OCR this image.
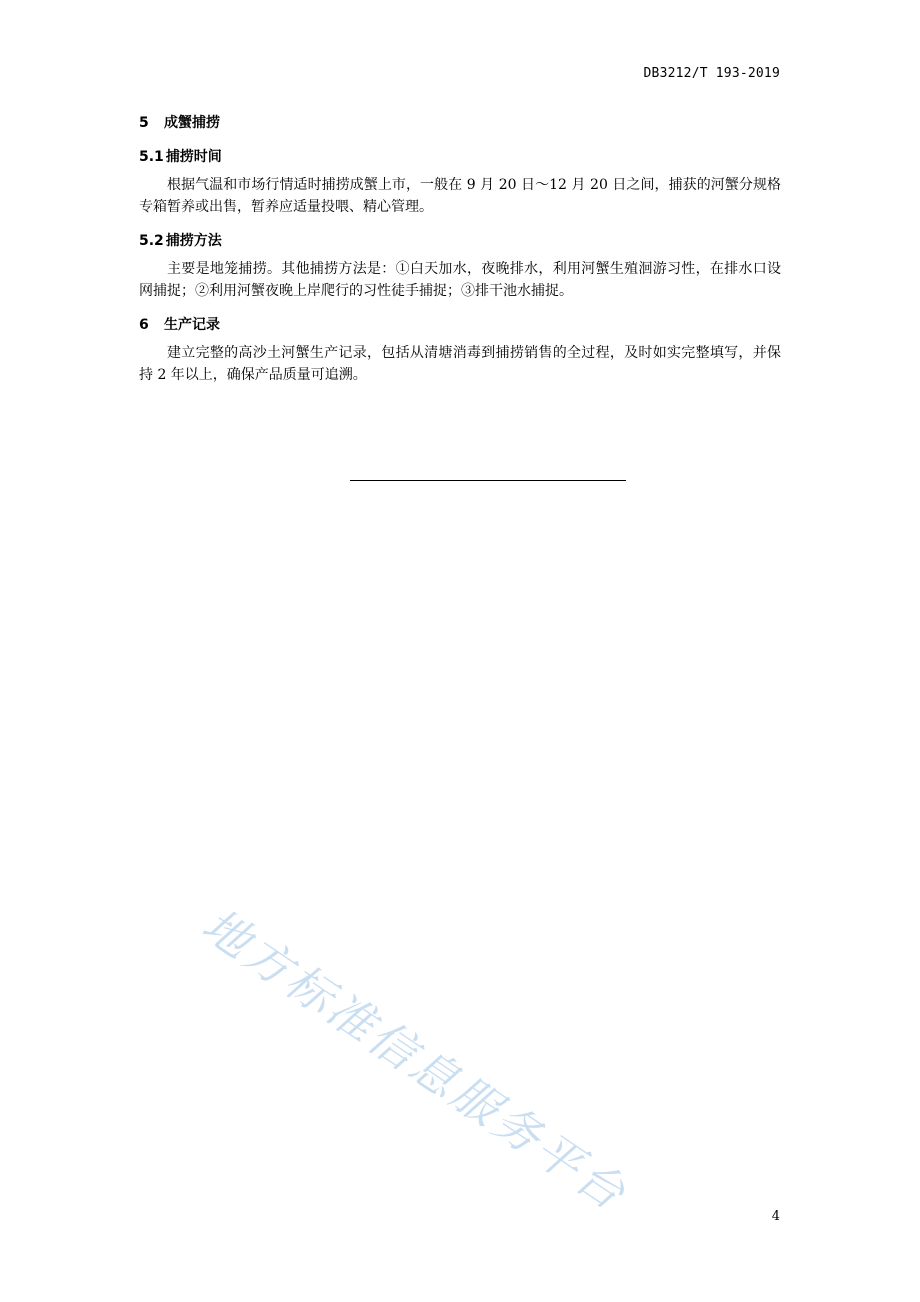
DB3212/T 193-2019
5 成蟹捕捞
5.1 捕捞时间

根据气温和市场行情适时捕捞成蟹上市，一般在 9 月 20 日～12 月 20 日之间，捕获的河蟹分规格专箱暂养或出售，暂养应适量投喂、精心管理。

5.2 捕捞方法

主要是地笼捕捞。其他捕捞方法是：①白天加水，夜晚排水，利用河蟹生殖洄游习性，在排水口设网捕捉；②利用河蟹夜晚上岸爬行的习性徒手捕捉；③排干池水捕捉。

6 生产记录

建立完整的高沙土河蟹生产记录，包括从清塘消毒到捕捞销售的全过程，及时如实完整填写，并保持 2 年以上，确保产品质量可追溯。

地方标准信息服务平台	4
